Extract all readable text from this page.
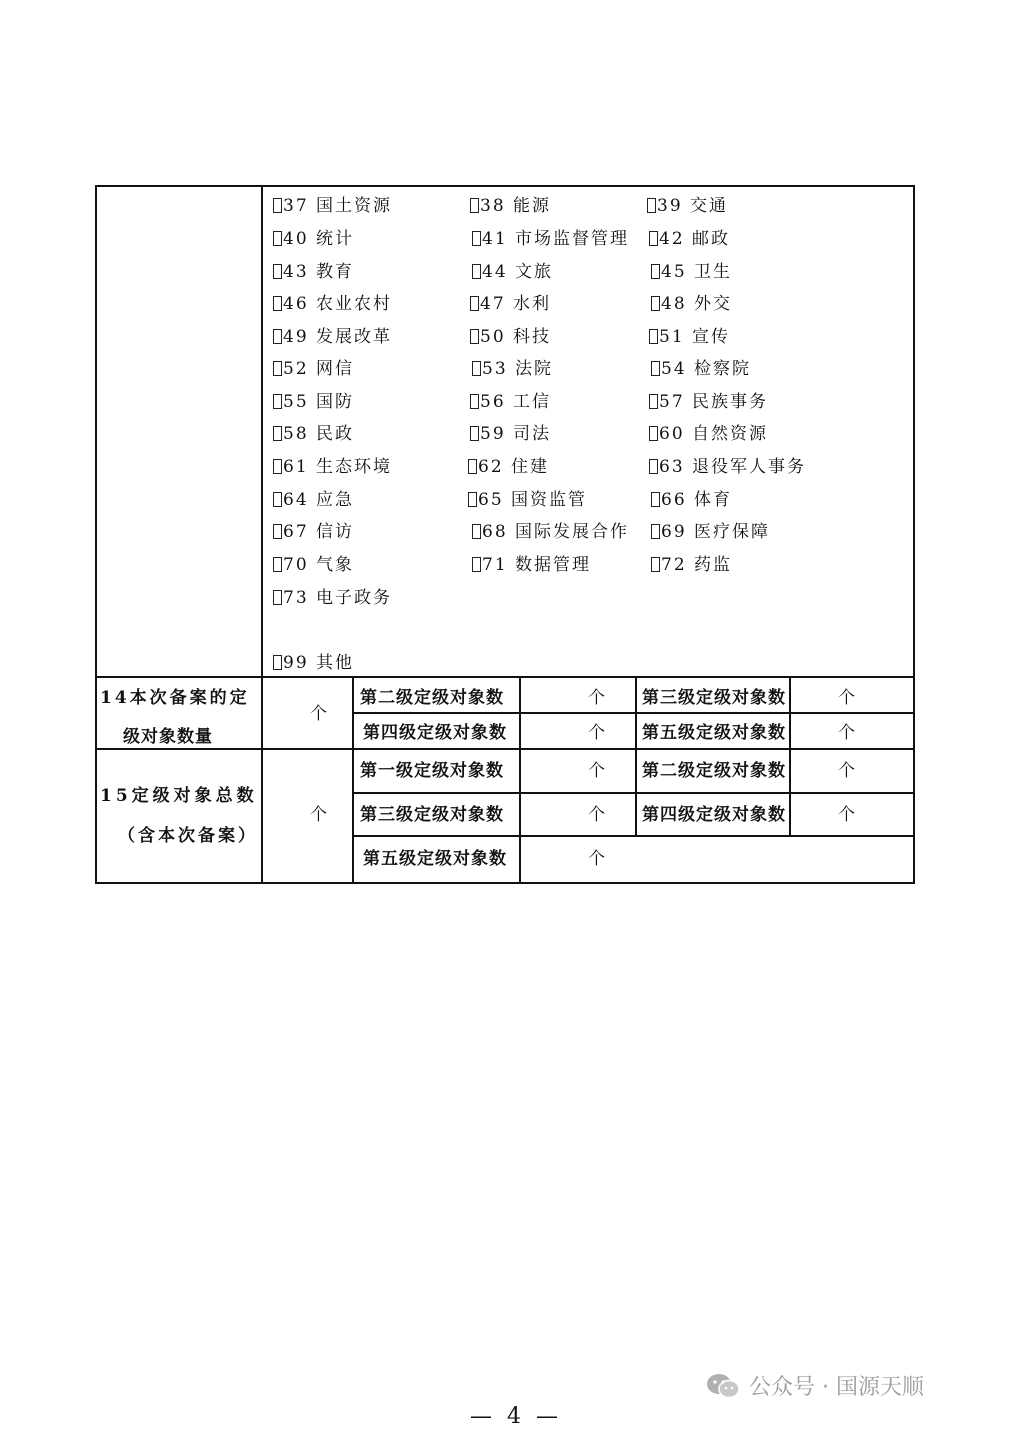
37 国土资源	38 能源	39 交通
40 统计	41 市场监督管理	42 邮政
43 教育	44 文旅	45 卫生
46 农业农村	47 水利	48 外交
49 发展改革	50 科技	51 宣传
52 网信	53 法院	54 检察院
55 国防	56 工信	57 民族事务
58 民政	59 司法	60 自然资源
61 生态环境	62 住建	63 退役军人事务
64 应急	65 国资监管	66 体育
67 信访	68 国际发展合作	69 医疗保障
70 气象	71 数据管理	72 药监
73 电子政务
99 其他
14本次备案的定
级对象数量
个
第二级定级对象数	个 第三级定级对象数	个
第四级定级对象数	个 第五级定级对象数	个
15定级对象总数
（含本次备案）
个
第一级定级对象数	个 第二级定级对象数	个
第三级定级对象数	个 第四级定级对象数	个
第五级定级对象数	个
公众号 · 国源天顺
— 4 —
